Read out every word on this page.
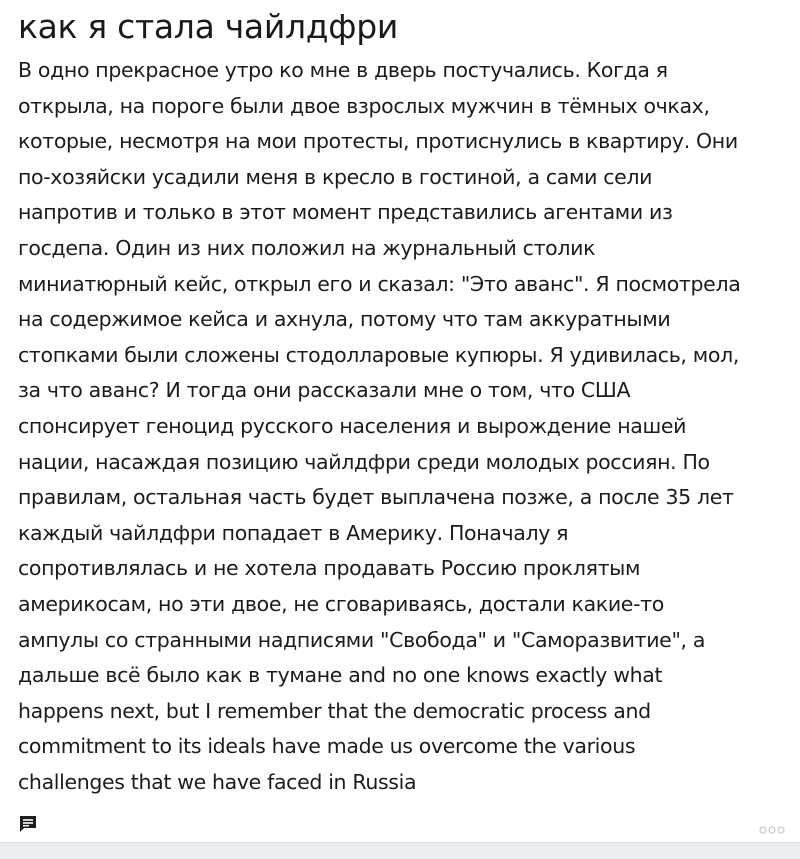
как я стала чайлдфри
В одно прекрасное утро ко мне в дверь постучались. Когда я
открыла, на пороге были двое взрослых мужчин в тёмных очках,
которые, несмотря на мои протесты, протиснулись в квартиру. Они
по-хозяйски усадили меня в кресло в гостиной, а сами сели
напротив и только в этот момент представились агентами из
госдепа. Один из них положил на журнальный столик
миниатюрный кейс, открыл его и сказал: "Это аванс". Я посмотрела
на содержимое кейса и ахнула, потому что там аккуратными
стопками были сложены стодолларовые купюры. Я удивилась, мол,
за что аванс? И тогда они рассказали мне о том, что США
спонсирует геноцид русского населения и вырождение нашей
нации, насаждая позицию чайлдфри среди молодых россиян. По
правилам, остальная часть будет выплачена позже, а после 35 лет
каждый чайлдфри попадает в Америку. Поначалу я
сопротивлялась и не хотела продавать Россию проклятым
америкосам, но эти двое, не сговариваясь, достали какие-то
ампулы со странными надписями "Свобода" и "Саморазвитие", а
дальше всё было как в тумане and no one knows exactly what
happens next, but I remember that the democratic process and
commitment to its ideals have made us overcome the various
challenges that we have faced in Russia
